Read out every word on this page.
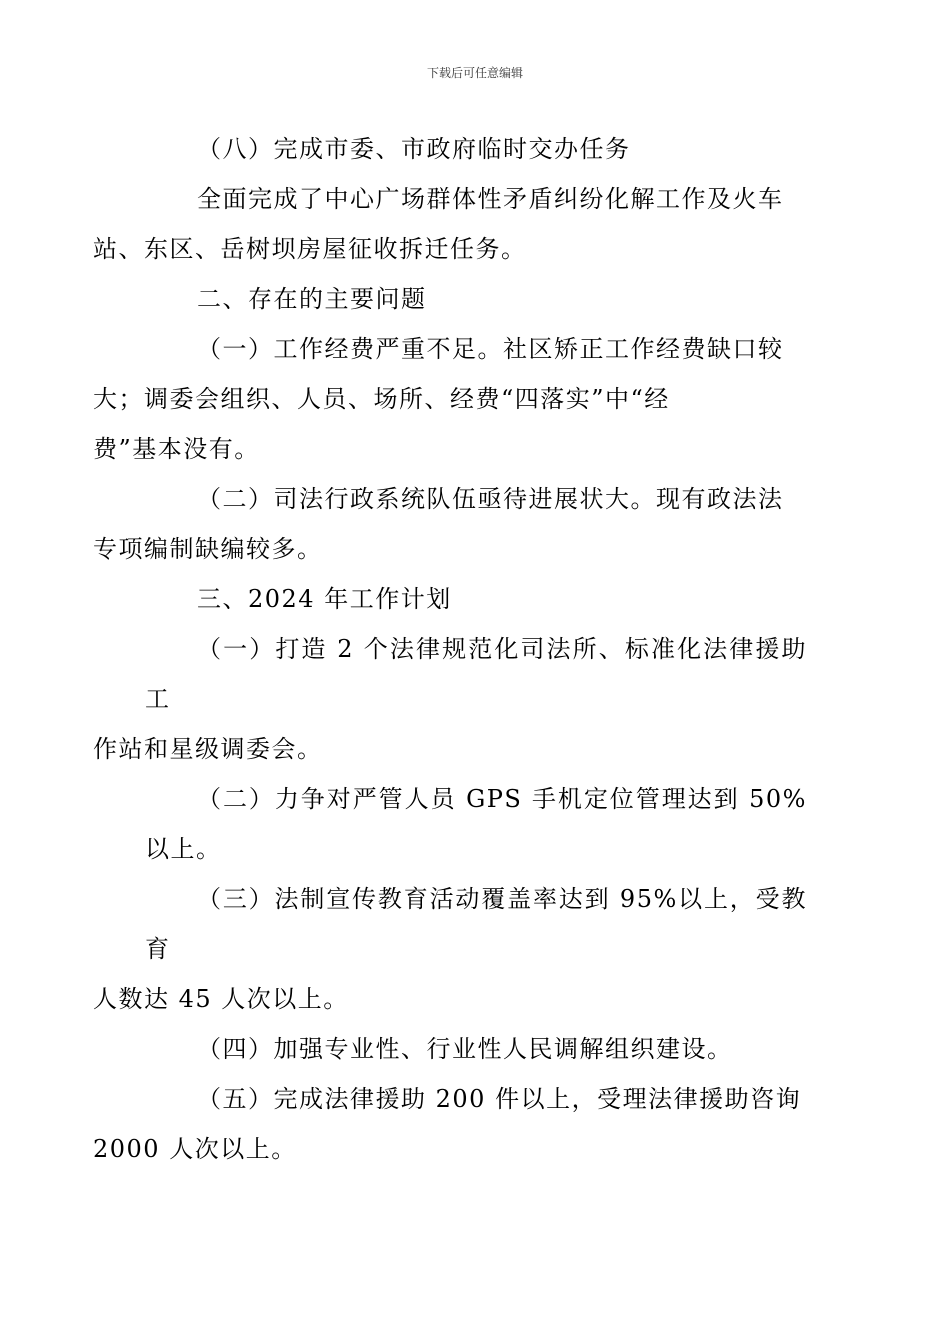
下载后可任意编辑

（八）完成市委、市政府临时交办任务

全面完成了中心广场群体性矛盾纠纷化解工作及火车
站、东区、岳树坝房屋征收拆迁任务。

二、存在的主要问题

（一）工作经费严重不足。社区矫正工作经费缺口较
大；调委会组织、人员、场所、经费“四落实”中“经
费”基本没有。

（二）司法行政系统队伍亟待进展状大。现有政法法
专项编制缺编较多。

三、2024 年工作计划

（一）打造 2 个法律规范化司法所、标准化法律援助工
作站和星级调委会。

（二）力争对严管人员 GPS 手机定位管理达到 50%以上。

（三）法制宣传教育活动覆盖率达到 95%以上，受教育
人数达 45 人次以上。

（四）加强专业性、行业性人民调解组织建设。

（五）完成法律援助 200 件以上，受理法律援助咨询
2000 人次以上。
